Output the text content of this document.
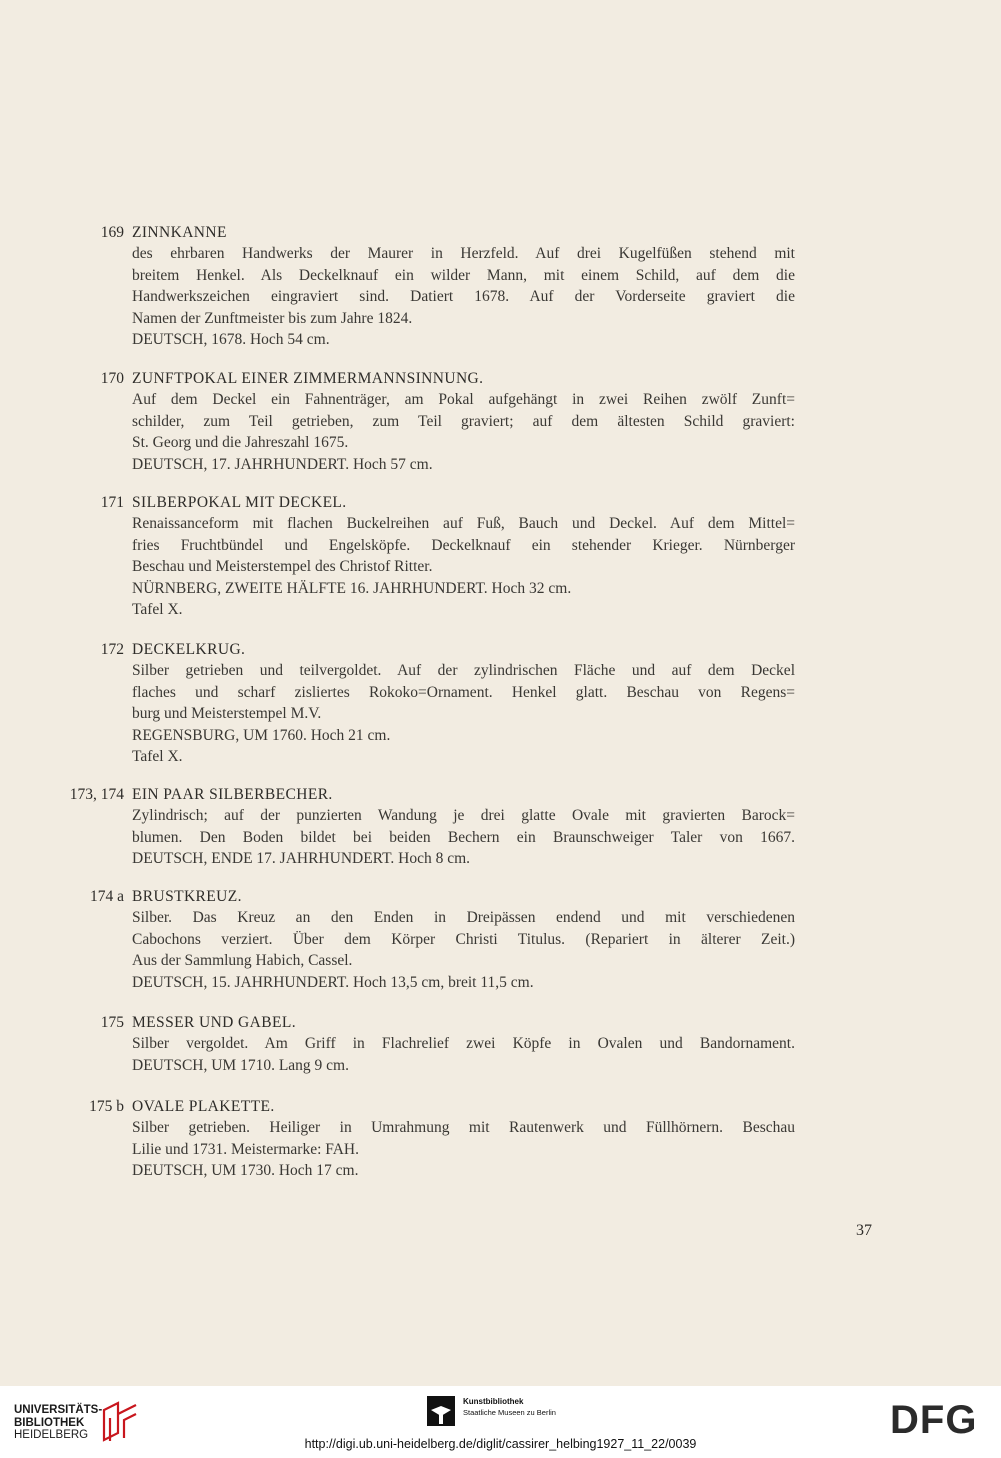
169 ZINNKANNE
des ehrbaren Handwerks der Maurer in Herzfeld. Auf drei Kugelfüßen stehend mit
breitem Henkel. Als Deckelknauf ein wilder Mann, mit einem Schild, auf dem die
Handwerkszeichen eingraviert sind. Datiert 1678. Auf der Vorderseite graviert die
Namen der Zunftmeister bis zum Jahre 1824.
DEUTSCH, 1678. Hoch 54 cm.
170 ZUNFTPOKAL EINER ZIMMERMANNSINNUNG.
Auf dem Deckel ein Fahnenträger, am Pokal aufgehängt in zwei Reihen zwölf Zunft=
schilder, zum Teil getrieben, zum Teil graviert; auf dem ältesten Schild graviert:
St. Georg und die Jahreszahl 1675.
DEUTSCH, 17. JAHRHUNDERT. Hoch 57 cm.
171 SILBERPOKAL MIT DECKEL.
Renaissanceform mit flachen Buckelreihen auf Fuß, Bauch und Deckel. Auf dem Mittel=
fries Fruchtbündel und Engelsköpfe. Deckelknauf ein stehender Krieger. Nürnberger
Beschau und Meisterstempel des Christof Ritter.
NÜRNBERG, ZWEITE HÄLFTE 16. JAHRHUNDERT. Hoch 32 cm.
Tafel X.
172 DECKELKRUG.
Silber getrieben und teilvergoldet. Auf der zylindrischen Fläche und auf dem Deckel
flaches und scharf zisliertes Rokoko=Ornament. Henkel glatt. Beschau von Regens=
burg und Meisterstempel M.V.
REGENSBURG, UM 1760. Hoch 21 cm.
Tafel X.
173, 174 EIN PAAR SILBERBECHER.
Zylindrisch; auf der punzierten Wandung je drei glatte Ovale mit gravierten Barock=
blumen. Den Boden bildet bei beiden Bechern ein Braunschweiger Taler von 1667.
DEUTSCH, ENDE 17. JAHRHUNDERT. Hoch 8 cm.
174 a BRUSTKREUZ.
Silber. Das Kreuz an den Enden in Dreipässen endend und mit verschiedenen
Cabochons verziert. Über dem Körper Christi Titulus. (Repariert in älterer Zeit.)
Aus der Sammlung Habich, Cassel.
DEUTSCH, 15. JAHRHUNDERT. Hoch 13,5 cm, breit 11,5 cm.
175 MESSER UND GABEL.
Silber vergoldet. Am Griff in Flachrelief zwei Köpfe in Ovalen und Bandornament.
DEUTSCH, UM 1710. Lang 9 cm.
175 b OVALE PLAKETTE.
Silber getrieben. Heiliger in Umrahmung mit Rautenwerk und Füllhörnern. Beschau
Lilie und 1731. Meistermarke: FAH.
DEUTSCH, UM 1730. Hoch 17 cm.
37
UNIVERSITÄTS-
BIBLIOTHEK
HEIDELBERG
Kunstbibliothek
Staatliche Museen zu Berlin	DFG
http://digi.ub.uni-heidelberg.de/diglit/cassirer_helbing1927_11_22/0039
